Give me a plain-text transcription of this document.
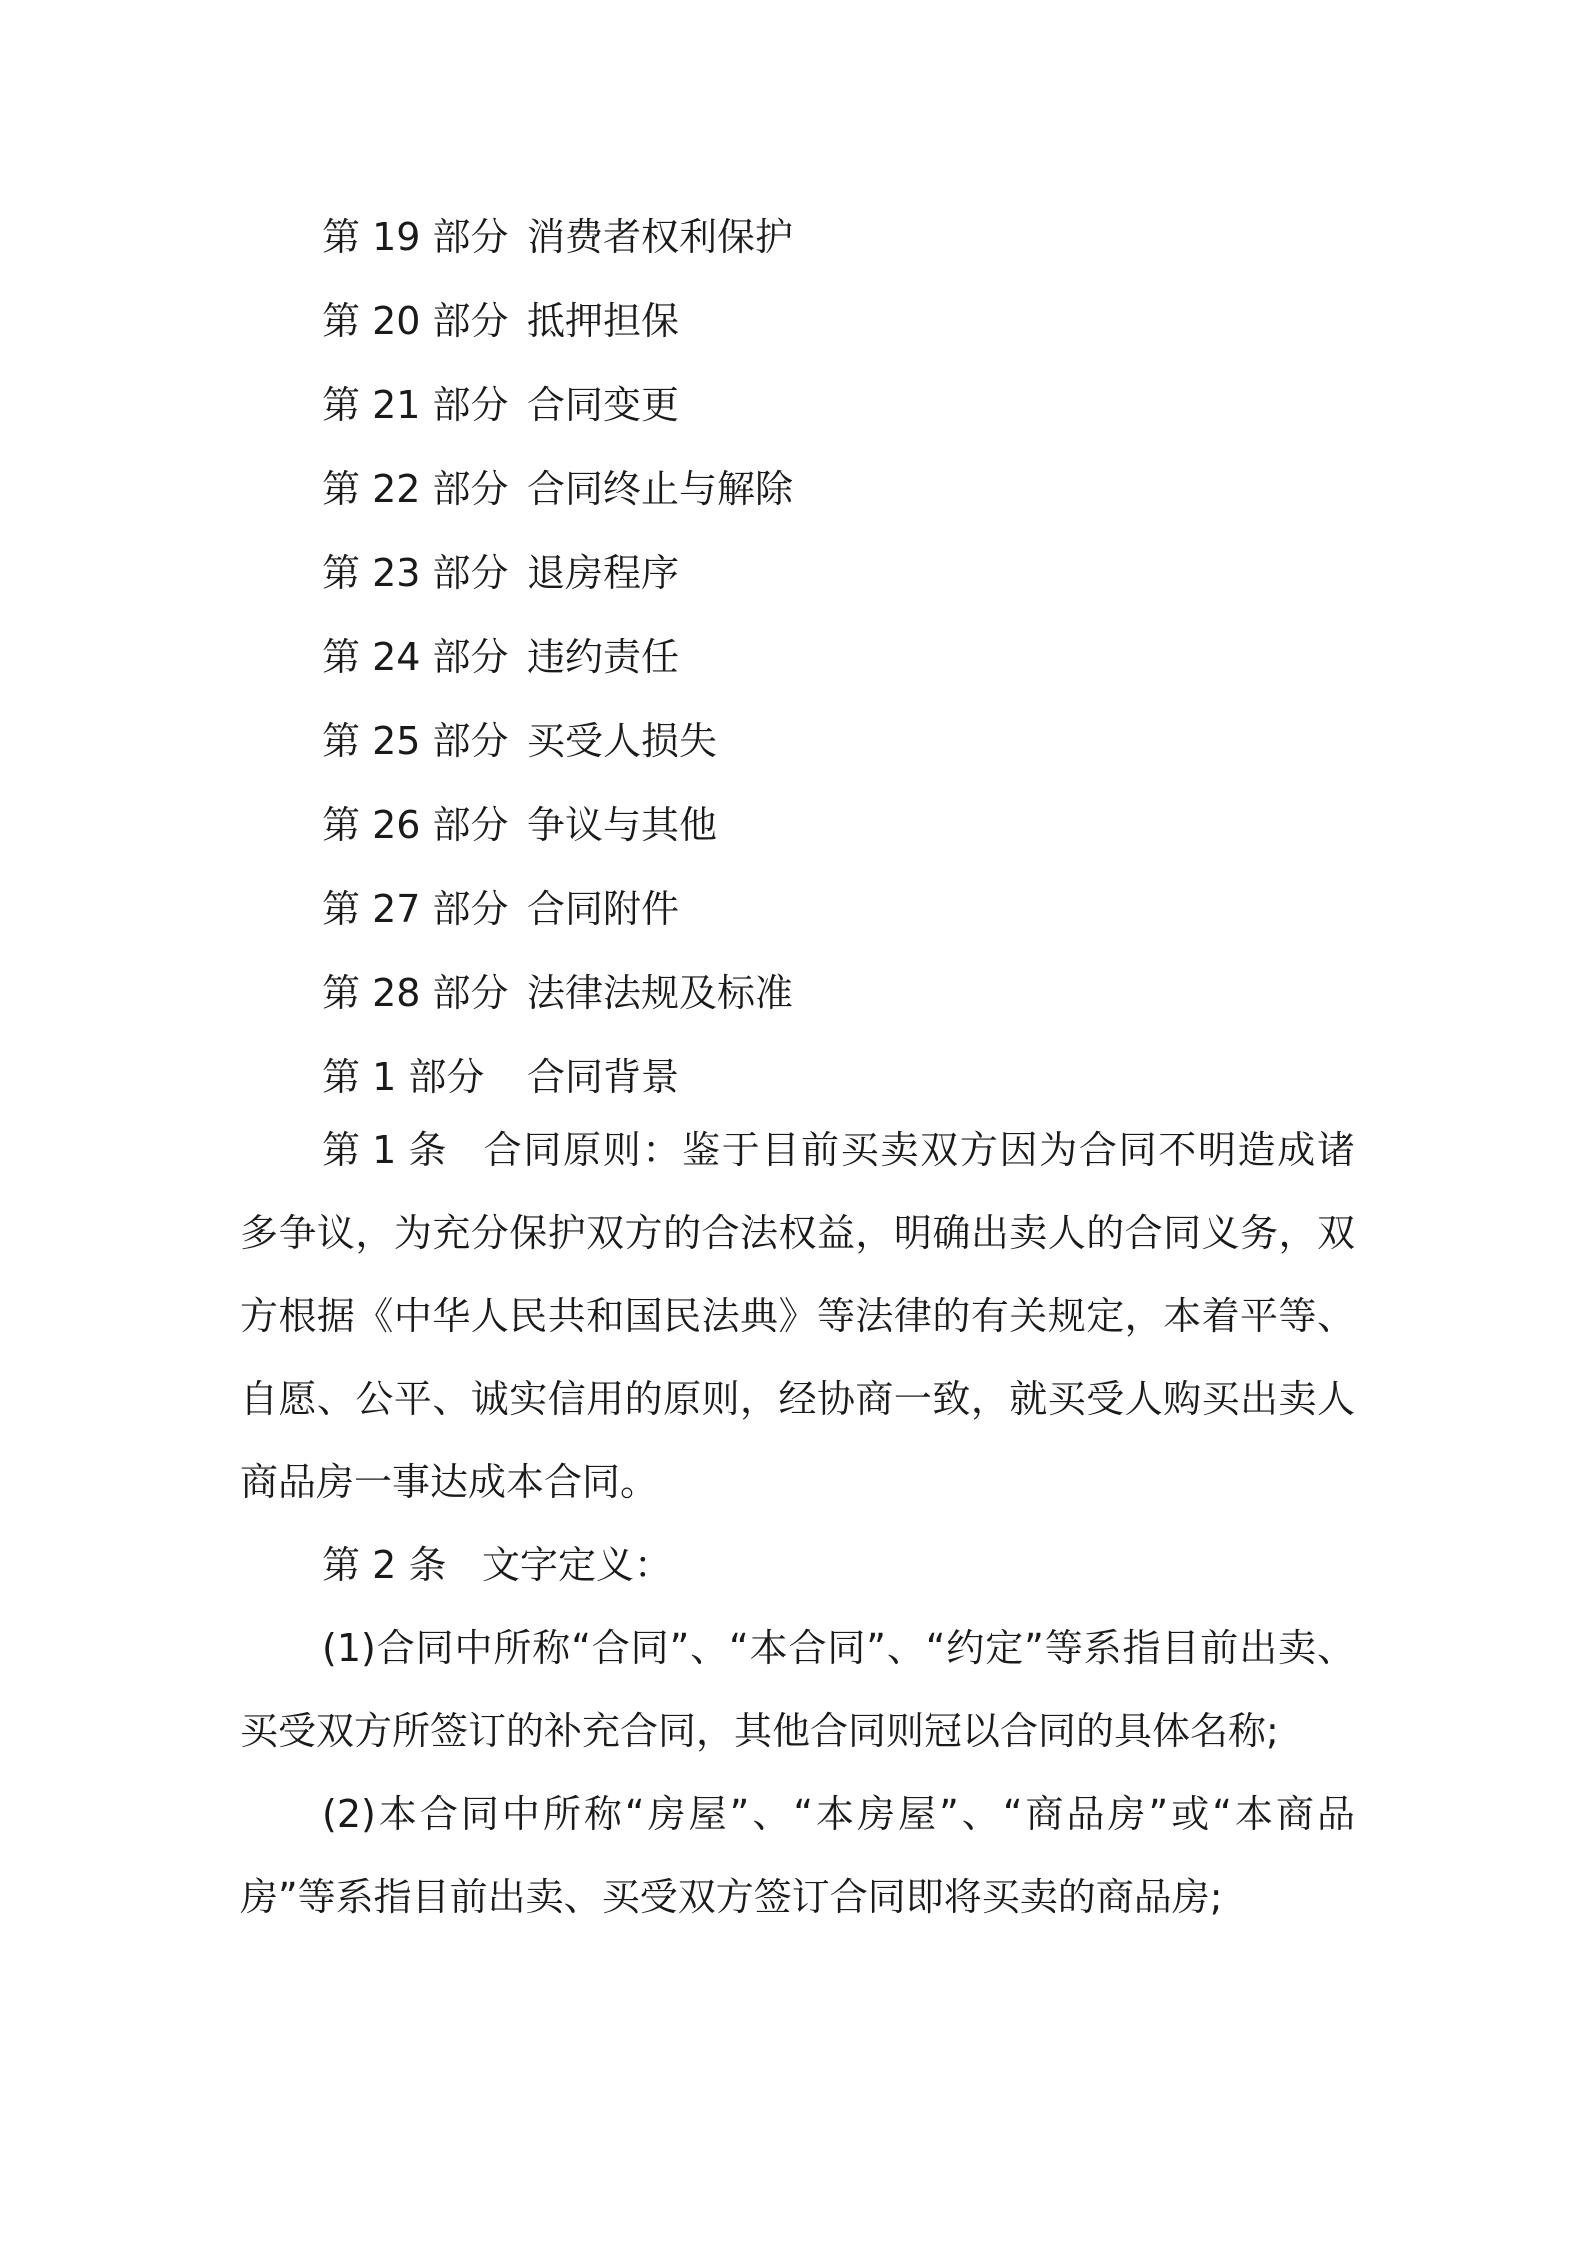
第 19 部分 消费者权利保护
第 20 部分 抵押担保
第 21 部分 合同变更
第 22 部分 合同终止与解除
第 23 部分 退房程序
第 24 部分 违约责任
第 25 部分 买受人损失
第 26 部分 争议与其他
第 27 部分 合同附件
第 28 部分 法律法规及标准
第 1 部分 合同背景

第 1 条 合同原则：鉴于目前买卖双方因为合同不明造成诸多争议，为充分保护双方的合法权益，明确出卖人的合同义务，双方根据《中华人民共和国民法典》等法律的有关规定，本着平等、自愿、公平、诚实信用的原则，经协商一致，就买受人购买出卖人商品房一事达成本合同。

第 2 条 文字定义：

(1)合同中所称“合同”、“本合同”、“约定”等系指目前出卖、买受双方所签订的补充合同，其他合同则冠以合同的具体名称;

(2)本合同中所称“房屋”、“本房屋”、“商品房”或“本商品房”等系指目前出卖、买受双方签订合同即将买卖的商品房;
